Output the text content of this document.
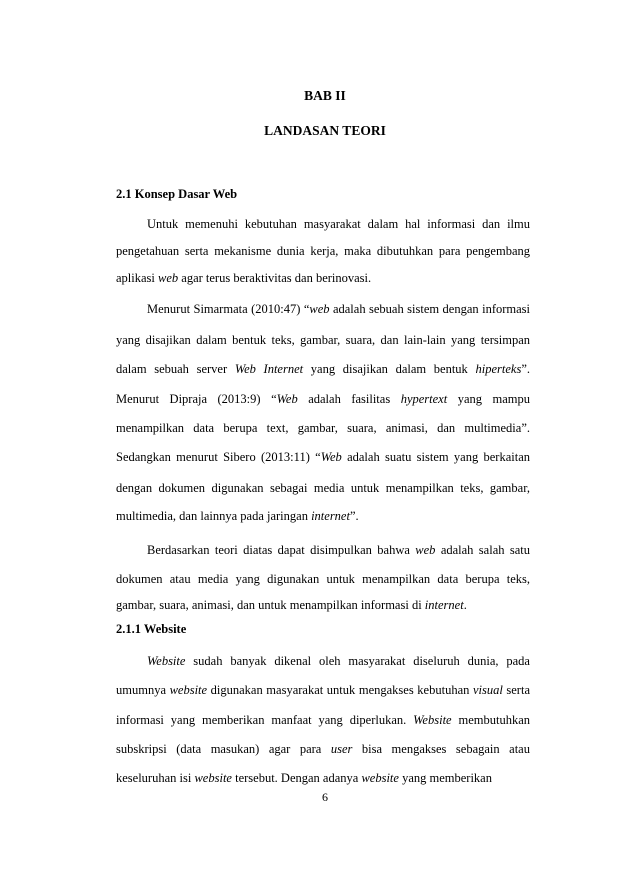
BAB II
LANDASAN TEORI
2.1 Konsep Dasar Web
2.1.1 Website
Untuk memenuhi kebutuhan masyarakat dalam hal informasi dan ilmu
pengetahuan serta mekanisme dunia kerja, maka dibutuhkan para pengembang
aplikasi web agar terus beraktivitas dan berinovasi.
Menurut Simarmata (2010:47) “web adalah sebuah sistem dengan informasi
yang disajikan dalam bentuk teks, gambar, suara, dan lain-lain yang tersimpan
dalam sebuah server Web Internet yang disajikan dalam bentuk hiperteks”.
Menurut Dipraja (2013:9) “Web adalah fasilitas hypertext yang mampu
menampilkan data berupa text, gambar, suara, animasi, dan multimedia”.
Sedangkan menurut Sibero (2013:11) “Web adalah suatu sistem yang berkaitan
dengan dokumen digunakan sebagai media untuk menampilkan teks, gambar,
multimedia, dan lainnya pada jaringan internet”.
Berdasarkan teori diatas dapat disimpulkan bahwa web adalah salah satu
dokumen atau media yang digunakan untuk menampilkan data berupa teks,
gambar, suara, animasi, dan untuk menampilkan informasi di internet.
Website sudah banyak dikenal oleh masyarakat diseluruh dunia, pada
umumnya website digunakan masyarakat untuk mengakses kebutuhan visual serta
informasi yang memberikan manfaat yang diperlukan. Website membutuhkan
subskripsi (data masukan) agar para user bisa mengakses sebagain atau
keseluruhan isi website tersebut. Dengan adanya website yang memberikan
6
